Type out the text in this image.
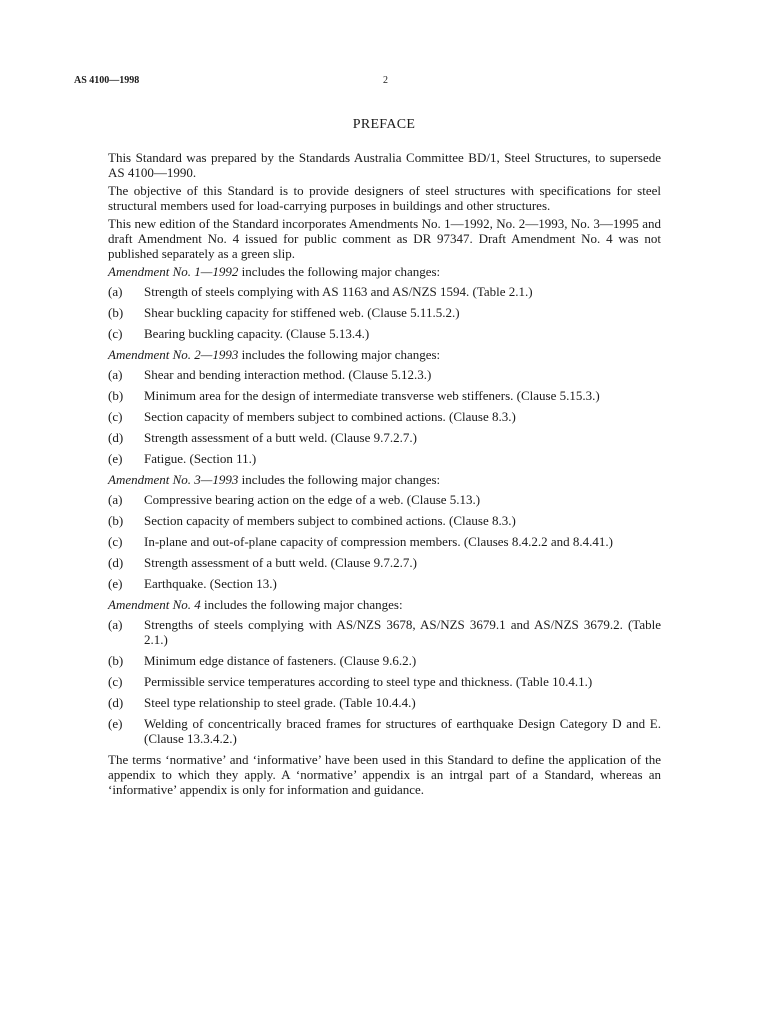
AS 4100—1998	2
PREFACE

This Standard was prepared by the Standards Australia Committee BD/1, Steel Structures, to supersede AS 4100—1990.

The objective of this Standard is to provide designers of steel structures with specifications for steel structural members used for load-carrying purposes in buildings and other structures.

This new edition of the Standard incorporates Amendments No. 1—1992, No. 2—1993, No. 3—1995 and draft Amendment No. 4 issued for public comment as DR 97347. Draft Amendment No. 4 was not published separately as a green slip.

Amendment No. 1—1992 includes the following major changes:

(a)	Strength of steels complying with AS 1163 and AS/NZS 1594. (Table 2.1.)
(b)	Shear buckling capacity for stiffened web. (Clause 5.11.5.2.)
(c)	Bearing buckling capacity. (Clause 5.13.4.)

Amendment No. 2—1993 includes the following major changes:

(a)	Shear and bending interaction method. (Clause 5.12.3.)
(b)	Minimum area for the design of intermediate transverse web stiffeners. (Clause 5.15.3.)
(c)	Section capacity of members subject to combined actions. (Clause 8.3.)
(d)	Strength assessment of a butt weld. (Clause 9.7.2.7.)
(e)	Fatigue. (Section 11.)

Amendment No. 3—1993 includes the following major changes:

(a)	Compressive bearing action on the edge of a web. (Clause 5.13.)
(b)	Section capacity of members subject to combined actions. (Clause 8.3.)
(c)	In-plane and out-of-plane capacity of compression members. (Clauses 8.4.2.2 and 8.4.41.)
(d)	Strength assessment of a butt weld. (Clause 9.7.2.7.)
(e)	Earthquake. (Section 13.)

Amendment No. 4 includes the following major changes:

(a)	Strengths of steels complying with AS/NZS 3678, AS/NZS 3679.1 and AS/NZS 3679.2. (Table 2.1.)
(b)	Minimum edge distance of fasteners. (Clause 9.6.2.)
(c)	Permissible service temperatures according to steel type and thickness. (Table 10.4.1.)
(d)	Steel type relationship to steel grade. (Table 10.4.4.)
(e)	Welding of concentrically braced frames for structures of earthquake Design Category D and E. (Clause 13.3.4.2.)

The terms ‘normative’ and ‘informative’ have been used in this Standard to define the application of the appendix to which they apply. A ‘normative’ appendix is an intrgal part of a Standard, whereas an ‘informative’ appendix is only for information and guidance.
